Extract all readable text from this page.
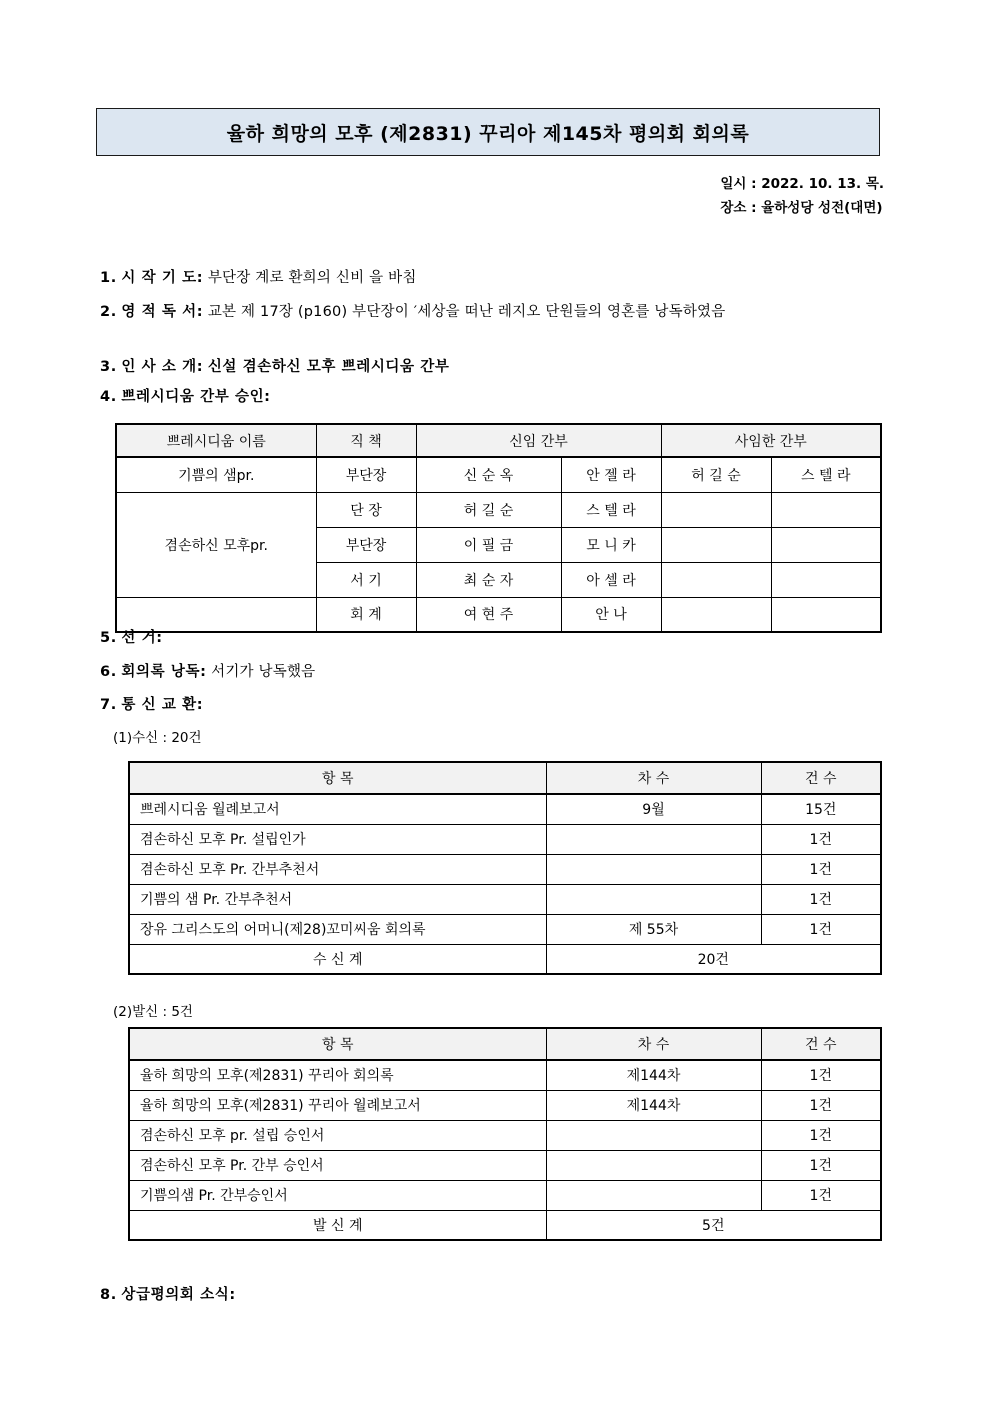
율하 희망의 모후 (제2831) 꾸리아 제145차 평의회 회의록
일시 : 2022. 10. 13. 목.
장소 : 율하성당 성전(대면)
1. 시 작 기 도: 부단장 계로 환희의 신비 을 바침
2. 영 적 독 서: 교본 제 17장 (p160) 부단장이 ′세상을 떠난 레지오 단원들의 영혼를 낭독하였음
3. 인 사 소 개: 신설 겸손하신 모후 쁘레시디움 간부
4. 쁘레시디움 간부 승인:
쁘레시디움 이름	직 책	신임 간부		사임한 간부	
기쁨의 샘pr.	부단장	신 순 옥	안 젤 라	허 길 순	스 텔 라
겸손하신 모후pr.	단 장	허 길 순	스 텔 라		
	부단장	이 필 금	모 니 카		
	서 기	최 순 자	아 셀 라		
	회 계	여 현 주	안 나		
5. 선 거:
6. 회의록 낭독: 서기가 낭독했음
7. 통 신 교 환:
(1)수신 : 20건
항 목	차 수	건 수
쁘레시디움 월례보고서	9월	15건
겸손하신 모후 Pr. 설립인가		1건
겸손하신 모후 Pr. 간부추천서		1건
기쁨의 샘 Pr. 간부추천서		1건
장유 그리스도의 어머니(제28)꼬미씨움 회의록	제 55차	1건
수 신 계	20건	
(2)발신 : 5건
항 목	차 수	건 수
율하 희망의 모후(제2831) 꾸리아 회의록	제144차	1건
율하 희망의 모후(제2831) 꾸리아 월례보고서	제144차	1건
겸손하신 모후 pr. 설립 승인서		1건
겸손하신 모후 Pr. 간부 승인서		1건
기쁨의샘 Pr. 간부승인서		1건
발 신 계	5건	
8. 상급평의회 소식:
